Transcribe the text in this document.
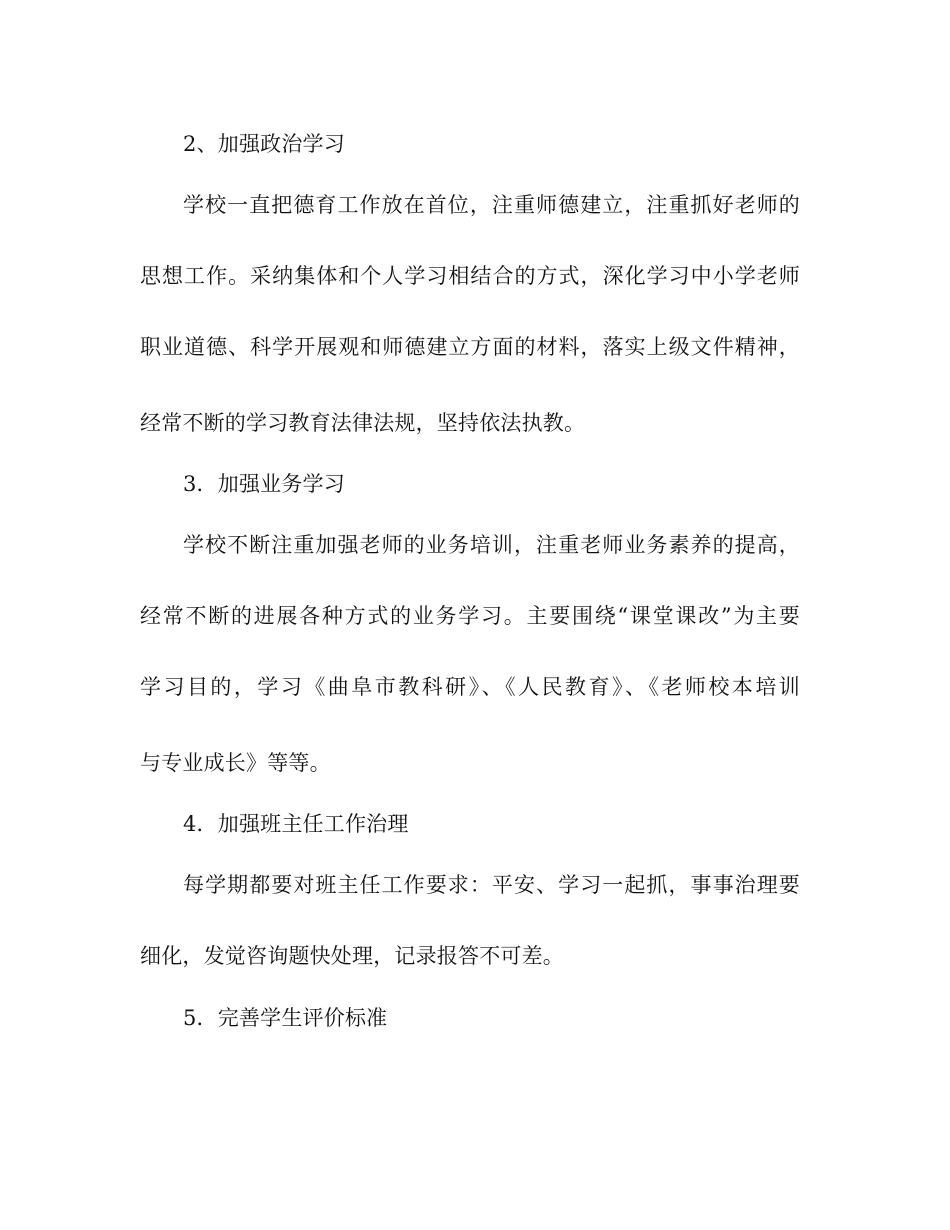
2、加强政治学习
学校一直把德育工作放在首位，注重师德建立，注重抓好老师的
思想工作。采纳集体和个人学习相结合的方式，深化学习中小学老师
职业道德、科学开展观和师德建立方面的材料，落实上级文件精神，
经常不断的学习教育法律法规，坚持依法执教。
3．加强业务学习
学校不断注重加强老师的业务培训，注重老师业务素养的提高，
经常不断的进展各种方式的业务学习。主要围绕“课堂课改”为主要
学习目的，学习《曲阜市教科研》、《人民教育》、《老师校本培训
与专业成长》等等。
4．加强班主任工作治理
每学期都要对班主任工作要求：平安、学习一起抓，事事治理要
细化，发觉咨询题快处理，记录报答不可差。
5．完善学生评价标准
